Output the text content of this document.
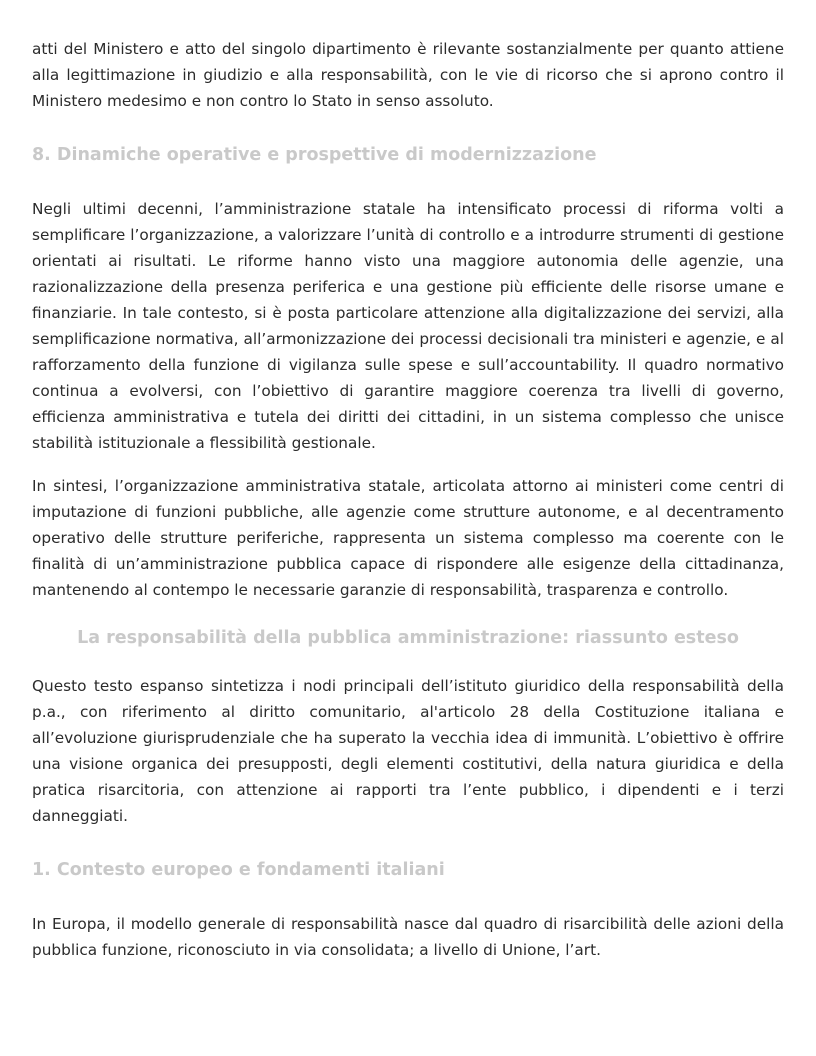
atti del Ministero e atto del singolo dipartimento è rilevante sostanzialmente per quanto attiene alla legittimazione in giudizio e alla responsabilità, con le vie di ricorso che si aprono contro il Ministero medesimo e non contro lo Stato in senso assoluto.

8. Dinamiche operative e prospettive di modernizzazione

Negli ultimi decenni, l’amministrazione statale ha intensificato processi di riforma volti a semplificare l’organizzazione, a valorizzare l’unità di controllo e a introdurre strumenti di gestione orientati ai risultati. Le riforme hanno visto una maggiore autonomia delle agenzie, una razionalizzazione della presenza periferica e una gestione più efficiente delle risorse umane e finanziarie. In tale contesto, si è posta particolare attenzione alla digitalizzazione dei servizi, alla semplificazione normativa, all’armonizzazione dei processi decisionali tra ministeri e agenzie, e al rafforzamento della funzione di vigilanza sulle spese e sull’accountability. Il quadro normativo continua a evolversi, con l’obiettivo di garantire maggiore coerenza tra livelli di governo, efficienza amministrativa e tutela dei diritti dei cittadini, in un sistema complesso che unisce stabilità istituzionale a flessibilità gestionale.

In sintesi, l’organizzazione amministrativa statale, articolata attorno ai ministeri come centri di imputazione di funzioni pubbliche, alle agenzie come strutture autonome, e al decentramento operativo delle strutture periferiche, rappresenta un sistema complesso ma coerente con le finalità di un’amministrazione pubblica capace di rispondere alle esigenze della cittadinanza, mantenendo al contempo le necessarie garanzie di responsabilità, trasparenza e controllo.

La responsabilità della pubblica amministrazione: riassunto esteso

Questo testo espanso sintetizza i nodi principali dell’istituto giuridico della responsabilità della p.a., con riferimento al diritto comunitario, al'articolo 28 della Costituzione italiana e all’evoluzione giurisprudenziale che ha superato la vecchia idea di immunità. L’obiettivo è offrire una visione organica dei presupposti, degli elementi costitutivi, della natura giuridica e della pratica risarcitoria, con attenzione ai rapporti tra l’ente pubblico, i dipendenti e i terzi danneggiati.

1. Contesto europeo e fondamenti italiani

In Europa, il modello generale di responsabilità nasce dal quadro di risarcibilità delle azioni della pubblica funzione, riconosciuto in via consolidata; a livello di Unione, l’art.
